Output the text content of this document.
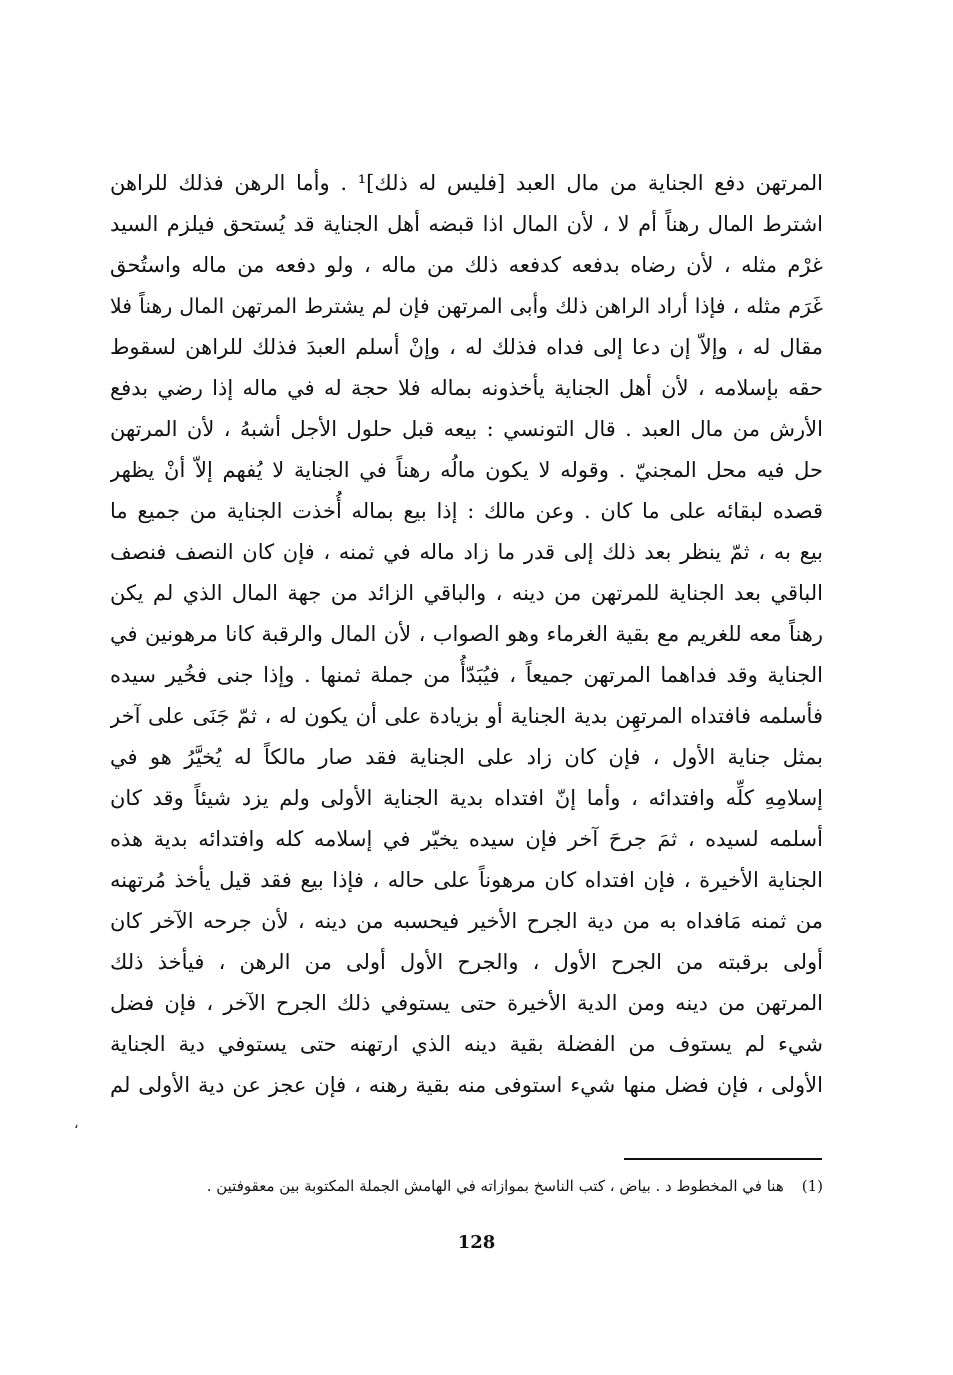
المرتهن دفع الجناية من مال العبد [فليس له ذلك]¹ . وأما الرهن فذلك للراهن
اشترط المال رهناً أم لا ، لأن المال اذا قبضه أهل الجناية قد يُستحق فيلزم السيد
غرْم مثله ، لأن رضاه بدفعه كدفعه ذلك من ماله ، ولو دفعه من ماله واستُحق
غَرَم مثله ، فإذا أراد الراهن ذلك وأبى المرتهن فإن لم يشترط المرتهن المال رهناً فلا
مقال له ، وإلاّ إن دعا إلى فداه فذلك له ، وإنْ أسلم العبدَ فذلك للراهن لسقوط
حقه بإسلامه ، لأن أهل الجناية يأخذونه بماله فلا حجة له في ماله إذا رضي بدفع
الأرش من مال العبد . قال التونسي : بيعه قبل حلول الأجل أشبهُ ، لأن المرتهن
حل فيه محل المجنيّ . وقوله لا يكون مالُه رهناً في الجناية لا يُفهم إلاّ أنْ يظهر
قصده لبقائه على ما كان . وعن مالك : إذا بيع بماله أُخذت الجناية من جميع ما
بيع به ، ثمّ ينظر بعد ذلك إلى قدر ما زاد ماله في ثمنه ، فإن كان النصف فنصف
الباقي بعد الجناية للمرتهن من دينه ، والباقي الزائد من جهة المال الذي لم يكن
رهناً معه للغريم مع بقية الغرماء وهو الصواب ، لأن المال والرقبة كانا مرهونين في
الجناية وقد فداهما المرتهن جميعاً ، فيُبَدّأُ من جملة ثمنها . وإذا جنى فخُير سيده
فأسلمه فافتداه المرتهِن بدية الجناية أو بزيادة على أن يكون له ، ثمّ جَنَى على آخر
بمثل جناية الأول ، فإن كان زاد على الجناية فقد صار مالكاً له يُخيَّرُ هو في
إسلامِهِ كلِّه وافتدائه ، وأما إنّ افتداه بدية الجناية الأولى ولم يزد شيئاً وقد كان
أسلمه لسيده ، ثمَ جرحَ آخر فإن سيده يخيّر في إسلامه كله وافتدائه بدية هذه
الجناية الأخيرة ، فإن افتداه كان مرهوناً على حاله ، فإذا بيع فقد قيل يأخذ مُرتهنه
من ثمنه مَافداه به من دية الجرح الأخير فيحسبه من دينه ، لأن جرحه الآخر كان
أولى برقبته من الجرح الأول ، والجرح الأول أولى من الرهن ، فيأخذ ذلك
المرتهن من دينه ومن الدية الأخيرة حتى يستوفي ذلك الجرح الآخر ، فإن فضل
شيء لم يستوف من الفضلة بقية دينه الذي ارتهنه حتى يستوفي دية الجناية
الأولى ، فإن فضل منها شيء استوفى منه بقية رهنه ، فإن عجز عن دية الأولى لم
،
(1)هنا في المخطوط د . بياض ، كتب الناسخ بموازاته في الهامش الجملة المكتوبة بين معقوفتين .
128
